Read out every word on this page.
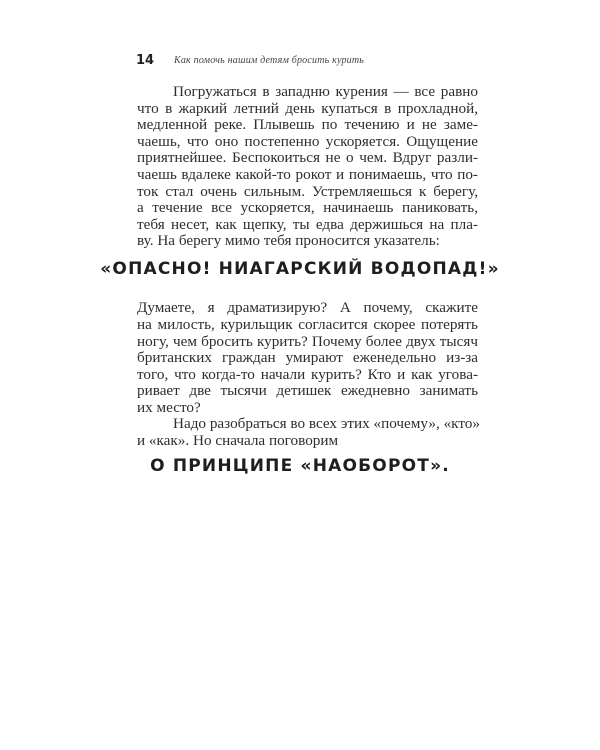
14 Как помочь нашим детям бросить курить
Погружаться в западню курения — все равно
что в жаркий летний день купаться в прохладной,
медленной реке. Плывешь по течению и не заме-
чаешь, что оно постепенно ускоряется. Ощущение
приятнейшее. Беспокоиться не о чем. Вдруг разли-
чаешь вдалеке какой-то рокот и понимаешь, что по-
ток стал очень сильным. Устремляешься к берегу,
а течение все ускоряется, начинаешь паниковать,
тебя несет, как щепку, ты едва держишься на пла-
ву. На берегу мимо тебя проносится указатель:
«ОПАСНО! НИАГАРСКИЙ ВОДОПАД!»
Думаете, я драматизирую? А почему, скажите
на милость, курильщик согласится скорее потерять
ногу, чем бросить курить? Почему более двух тысяч
британских граждан умирают еженедельно из-за
того, что когда-то начали курить? Кто и как угова-
ривает две тысячи детишек ежедневно занимать
их место?
Надо разобраться во всех этих «почему», «кто»
и «как». Но сначала поговорим
О ПРИНЦИПЕ «НАОБОРОТ».
